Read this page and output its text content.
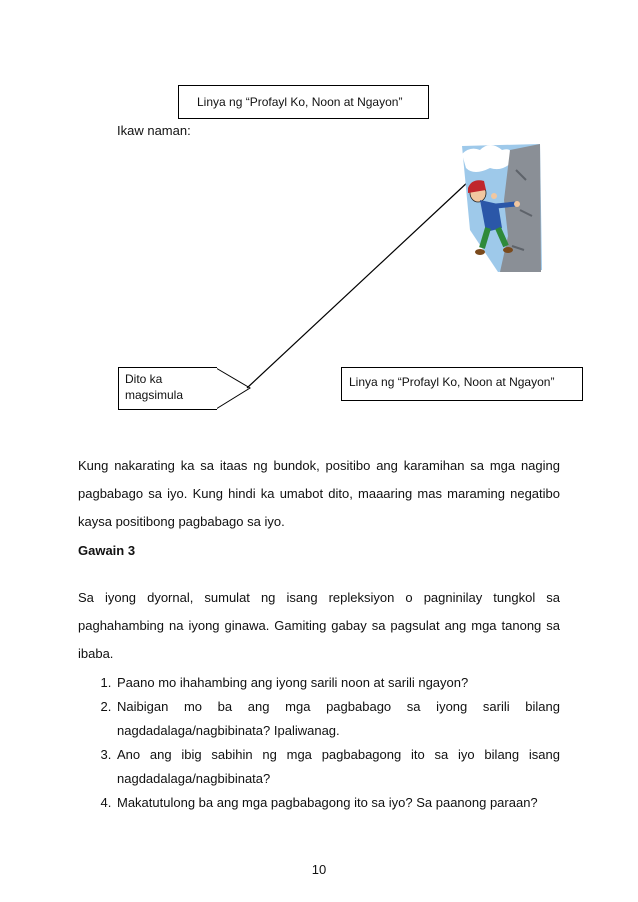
Linya ng “Profayl Ko, Noon at Ngayon”
Ikaw naman:
Dito ka
magsimula
Linya ng “Profayl Ko, Noon at Ngayon”
Kung nakarating ka sa itaas ng bundok, positibo ang karamihan sa mga naging pagbabago sa iyo. Kung hindi ka umabot dito, maaaring mas maraming negatibo kaysa positibong pagbabago sa iyo.
Gawain 3
Sa iyong dyornal, sumulat ng isang repleksiyon o pagninilay tungkol sa paghahambing na iyong ginawa. Gamiting gabay sa pagsulat ang mga tanong sa ibaba.
1. Paano mo ihahambing ang iyong sarili noon at sarili ngayon?
2. Naibigan mo ba ang mga pagbabago sa iyong sarili bilang nagdadalaga/nagbibinata? Ipaliwanag.
3. Ano ang ibig sabihin ng mga pagbabagong ito sa iyo bilang isang nagdadalaga/nagbibinata?
4. Makatutulong ba ang mga pagbabagong ito sa iyo? Sa paanong paraan?
10
